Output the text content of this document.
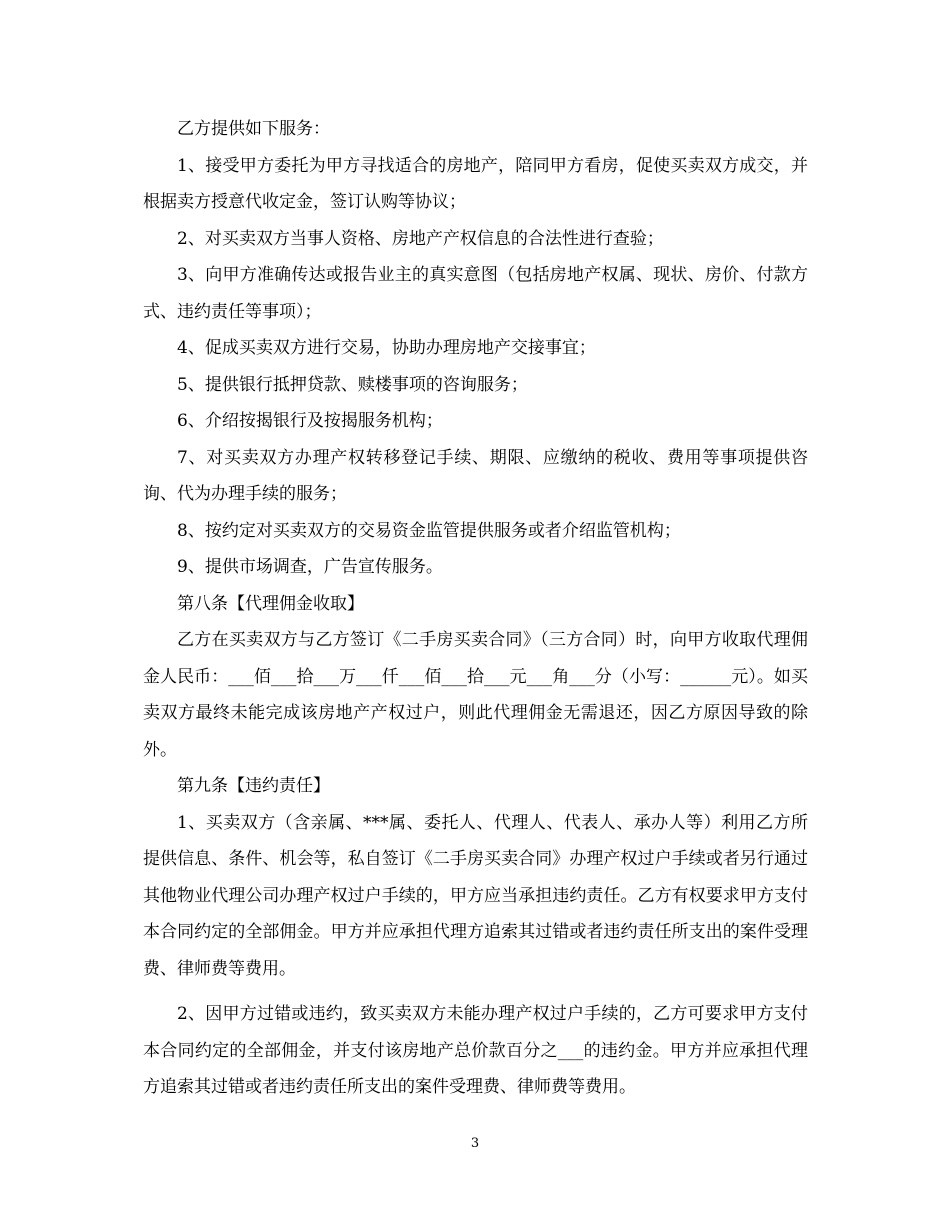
乙方提供如下服务：

1、接受甲方委托为甲方寻找适合的房地产，陪同甲方看房，促使买卖双方成交，并根据卖方授意代收定金，签订认购等协议；

2、对买卖双方当事人资格、房地产产权信息的合法性进行查验；

3、向甲方准确传达或报告业主的真实意图（包括房地产权属、现状、房价、付款方式、违约责任等事项）；

4、促成买卖双方进行交易，协助办理房地产交接事宜；

5、提供银行抵押贷款、赎楼事项的咨询服务；

6、介绍按揭银行及按揭服务机构；

7、对买卖双方办理产权转移登记手续、期限、应缴纳的税收、费用等事项提供咨询、代为办理手续的服务；

8、按约定对买卖双方的交易资金监管提供服务或者介绍监管机构；

9、提供市场调查，广告宣传服务。

第八条【代理佣金收取】

乙方在买卖双方与乙方签订《二手房买卖合同》（三方合同）时，向甲方收取代理佣金人民币：___佰___拾___万___仟___佰___拾___元___角___分（小写：______元）。如买卖双方最终未能完成该房地产产权过户，则此代理佣金无需退还，因乙方原因导致的除外。

第九条【违约责任】

1、买卖双方（含亲属、***属、委托人、代理人、代表人、承办人等）利用乙方所提供信息、条件、机会等，私自签订《二手房买卖合同》办理产权过户手续或者另行通过其他物业代理公司办理产权过户手续的，甲方应当承担违约责任。乙方有权要求甲方支付本合同约定的全部佣金。甲方并应承担代理方追索其过错或者违约责任所支出的案件受理费、律师费等费用。

2、因甲方过错或违约，致买卖双方未能办理产权过户手续的，乙方可要求甲方支付本合同约定的全部佣金，并支付该房地产总价款百分之___的违约金。甲方并应承担代理方追索其过错或者违约责任所支出的案件受理费、律师费等费用。

3
